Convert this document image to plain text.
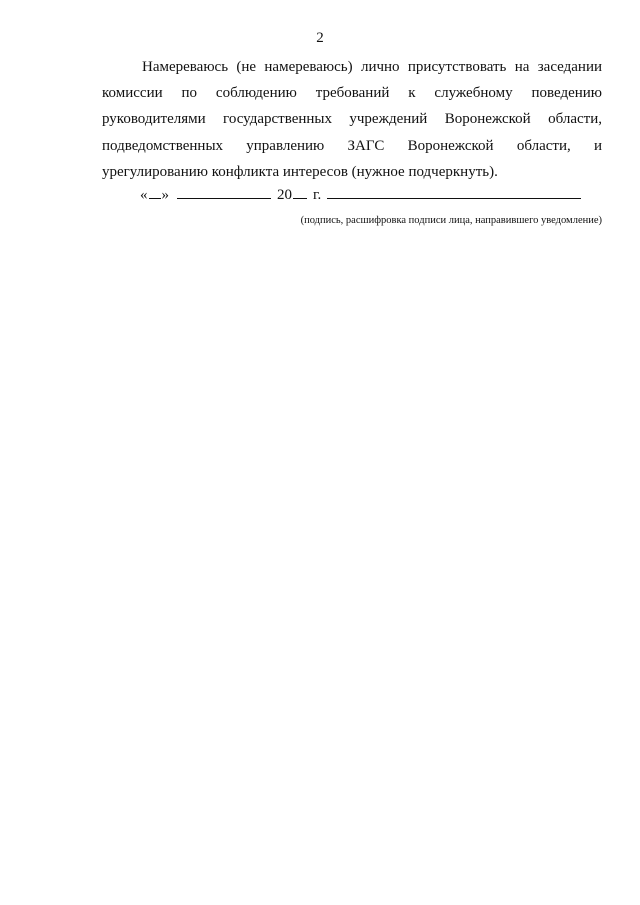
2

Намереваюсь (не намереваюсь) лично присутствовать на заседании комиссии по соблюдению требований к служебному поведению руководителями государственных учреждений Воронежской области, подведомственных управлению ЗАГС Воронежской области, и урегулированию конфликта интересов (нужное подчеркнуть).

« »	20 г.
(подпись, расшифровка подписи лица, направившего уведомление)
